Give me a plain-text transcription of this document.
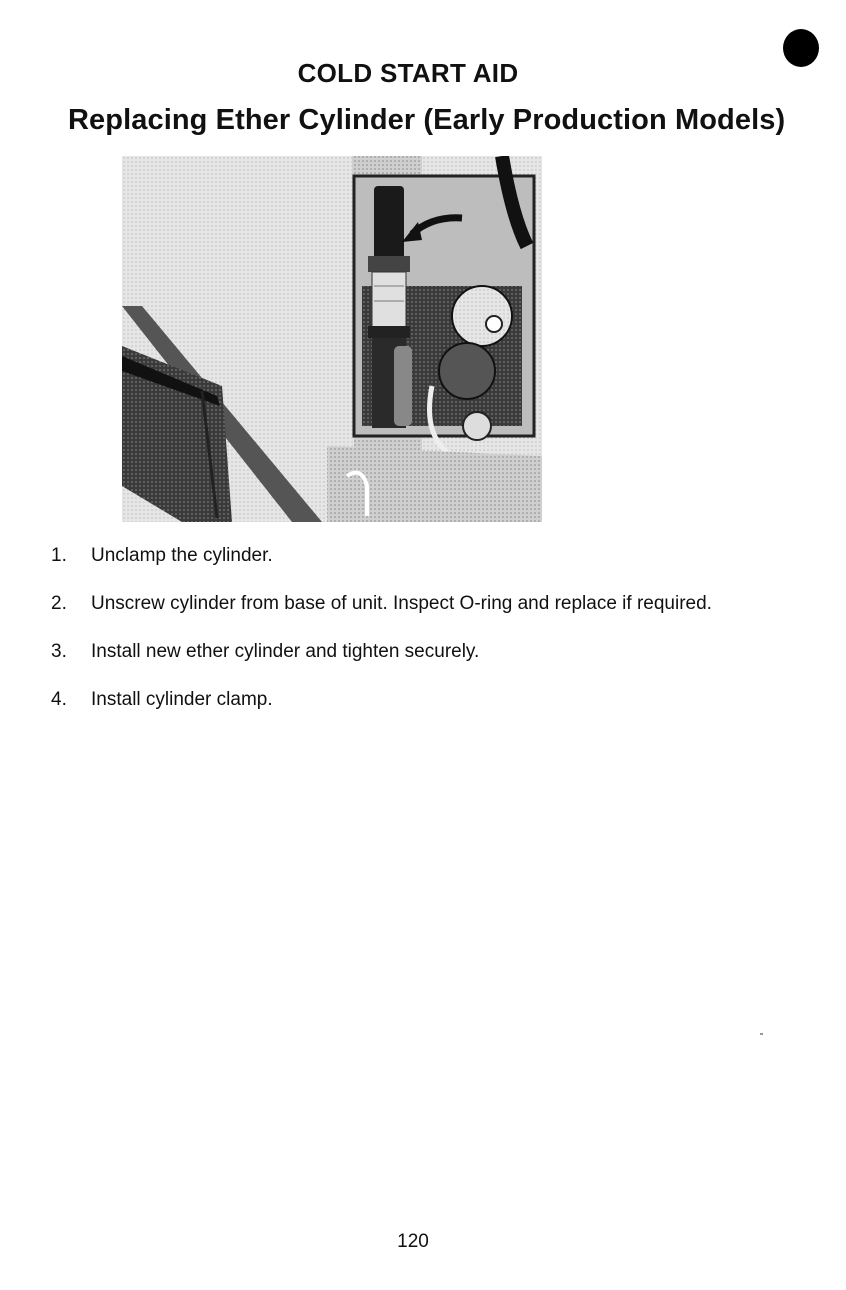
COLD START AID
Replacing Ether Cylinder (Early Production Models)
1.	Unclamp the cylinder.
2.	Unscrew cylinder from base of unit. Inspect O-ring and replace if required.
3.	Install new ether cylinder and tighten securely.
4.	Install cylinder clamp.
120
